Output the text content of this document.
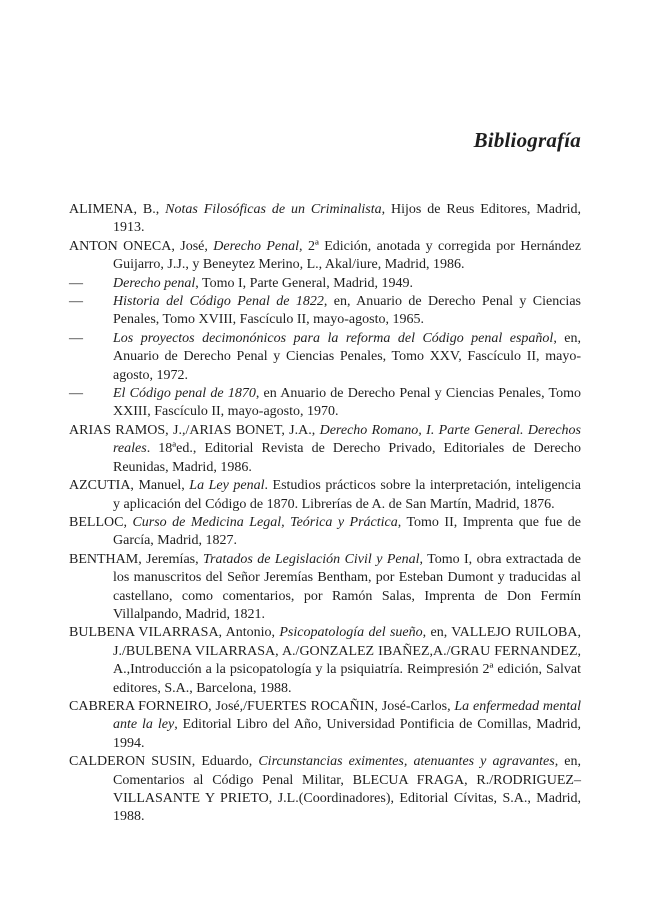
Bibliografía

ALIMENA, B., Notas Filosóficas de un Criminalista, Hijos de Reus Editores, Madrid, 1913.

ANTON ONECA, José, Derecho Penal, 2ª Edición, anotada y corregida por Hernández Guijarro, J.J., y Beneytez Merino, L., Akal/iure, Madrid, 1986.

— Derecho penal, Tomo I, Parte General, Madrid, 1949.

— Historia del Código Penal de 1822, en, Anuario de Derecho Penal y Ciencias Penales, Tomo XVIII, Fascículo II, mayo-agosto, 1965.

— Los proyectos decimonónicos para la reforma del Código penal español, en, Anuario de Derecho Penal y Ciencias Penales, Tomo XXV, Fascículo II, mayo-agosto, 1972.

— El Código penal de 1870, en Anuario de Derecho Penal y Ciencias Penales, Tomo XXIII, Fascículo II, mayo-agosto, 1970.

ARIAS RAMOS, J.,/ARIAS BONET, J.A., Derecho Romano, I. Parte General. Derechos reales. 18ªed., Editorial Revista de Derecho Privado, Editoriales de Derecho Reunidas, Madrid, 1986.

AZCUTIA, Manuel, La Ley penal. Estudios prácticos sobre la interpretación, inteligencia y aplicación del Código de 1870. Librerías de A. de San Martín, Madrid, 1876.

BELLOC, Curso de Medicina Legal, Teórica y Práctica, Tomo II, Imprenta que fue de García, Madrid, 1827.

BENTHAM, Jeremías, Tratados de Legislación Civil y Penal, Tomo I, obra extractada de los manuscritos del Señor Jeremías Bentham, por Esteban Dumont y traducidas al castellano, como comentarios, por Ramón Salas, Imprenta de Don Fermín Villalpando, Madrid, 1821.

BULBENA VILARRASA, Antonio, Psicopatología del sueño, en, VALLEJO RUILOBA, J./BULBENA VILARRASA, A./GONZALEZ IBAÑEZ,A./GRAU FERNANDEZ, A.,Introducción a la psicopatología y la psiquiatría. Reimpresión 2ª edición, Salvat editores, S.A., Barcelona, 1988.

CABRERA FORNEIRO, José,/FUERTES ROCAÑIN, José-Carlos, La enfermedad mental ante la ley, Editorial Libro del Año, Universidad Pontificia de Comillas, Madrid, 1994.

CALDERON SUSIN, Eduardo, Circunstancias eximentes, atenuantes y agravantes, en, Comentarios al Código Penal Militar, BLECUA FRAGA, R./RODRIGUEZ–VILLASANTE Y PRIETO, J.L.(Coordinadores), Editorial Cívitas, S.A., Madrid, 1988.
